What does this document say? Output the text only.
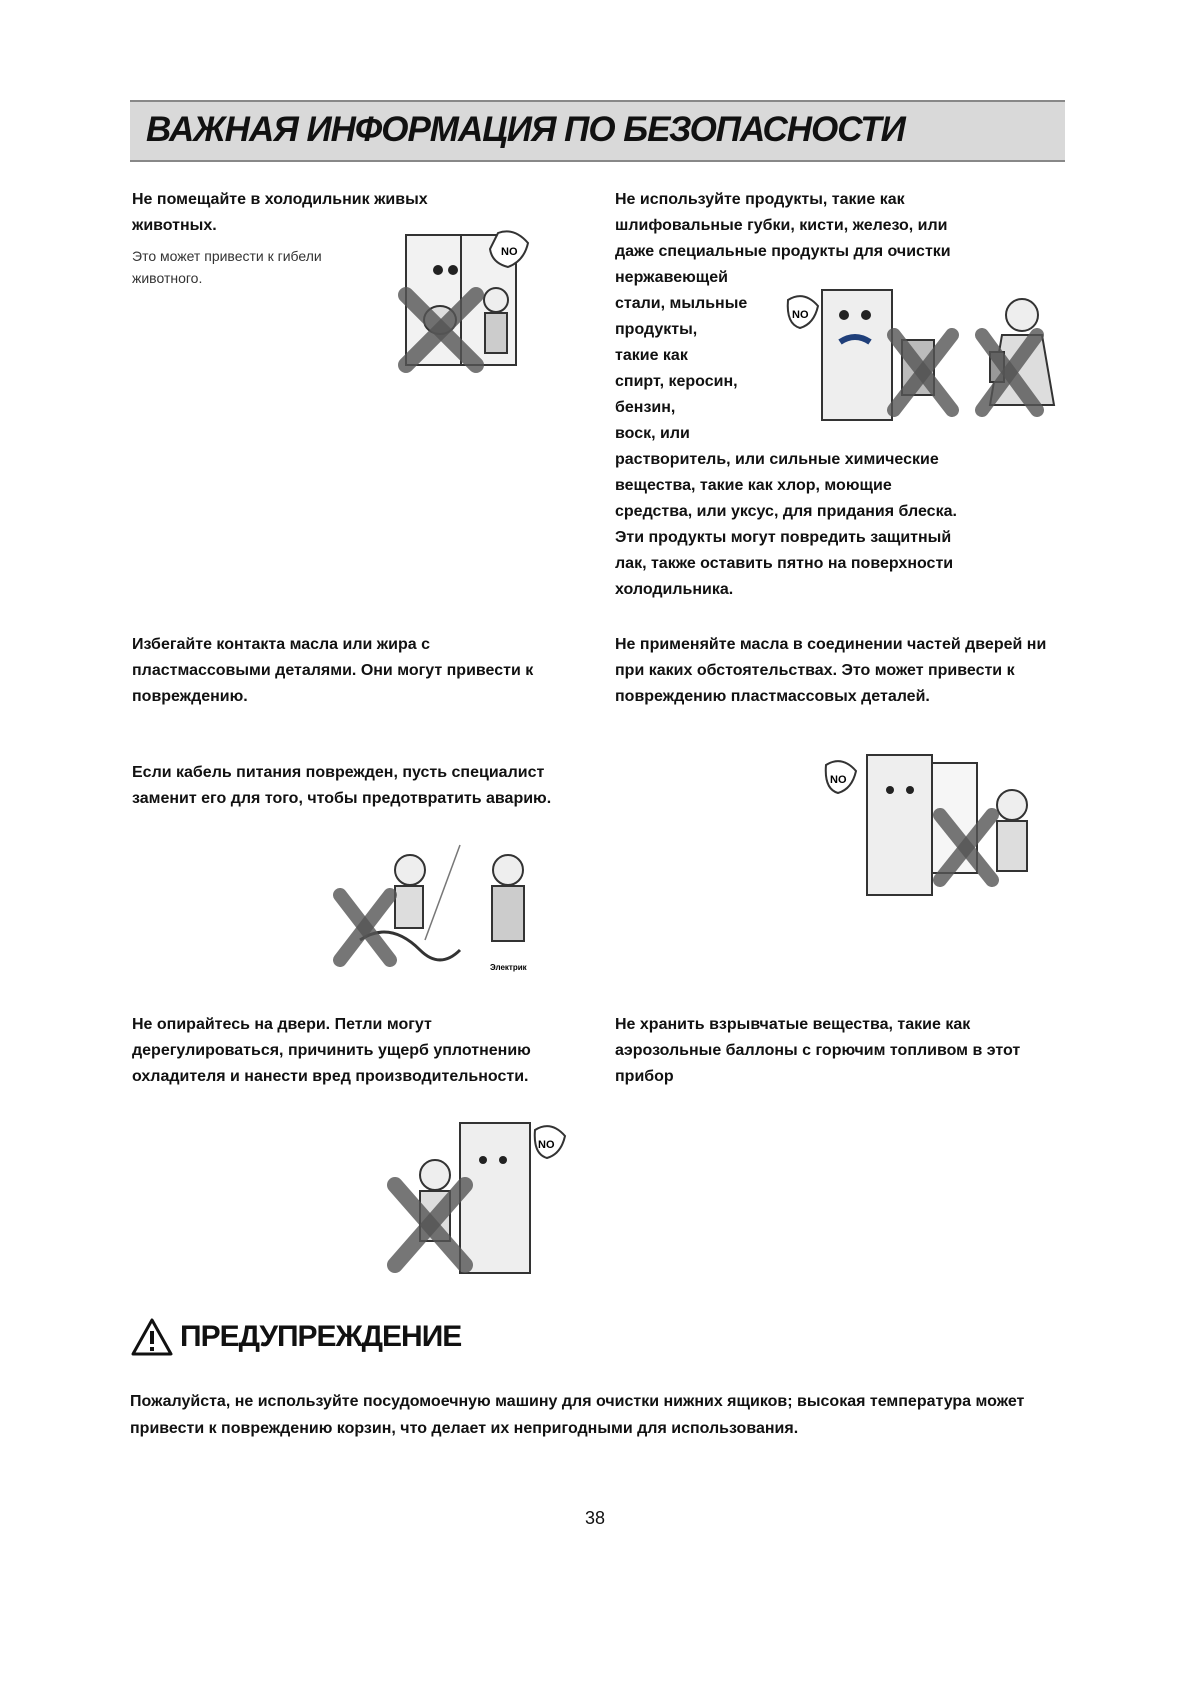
ВАЖНАЯ ИНФОРМАЦИЯ ПО БЕЗОПАСНОСТИ
Не помещайте в холодильник живых животных.
Это может привести к гибели животного.
NO
Не используйте продукты, такие как
шлифовальные губки, кисти, железо, или
даже специальные продукты для очистки
нержавеющей
стали, мыльные
продукты,
такие как
спирт, керосин,
бензин,
воск, или
растворитель, или сильные химические
вещества, такие как хлор, моющие
средства, или уксус, для придания блеска.
Эти продукты могут повредить защитный
лак, также оставить пятно на поверхности
холодильника.
NO
Избегайте контакта масла или жира с пластмассовыми деталями. Они могут привести к повреждению.
Не применяйте масла в соединении частей дверей ни при каких обстоятельствах. Это может привести к повреждению пластмассовых деталей.
NO
Если кабель питания поврежден, пусть специалист заменит его для того, чтобы предотвратить аварию.
Электрик
Не опирайтесь на двери. Петли могут дерегулироваться, причинить ущерб уплотнению охладителя и нанести вред производительности.
NO
Не хранить взрывчатые вещества, такие как аэрозольные баллоны с горючим топливом в этот прибор
ПРЕДУПРЕЖДЕНИЕ
Пожалуйста, не используйте посудомоечную машину для очистки нижних ящиков; высокая температура может привести к повреждению корзин, что делает их непригодными для использования.
38
